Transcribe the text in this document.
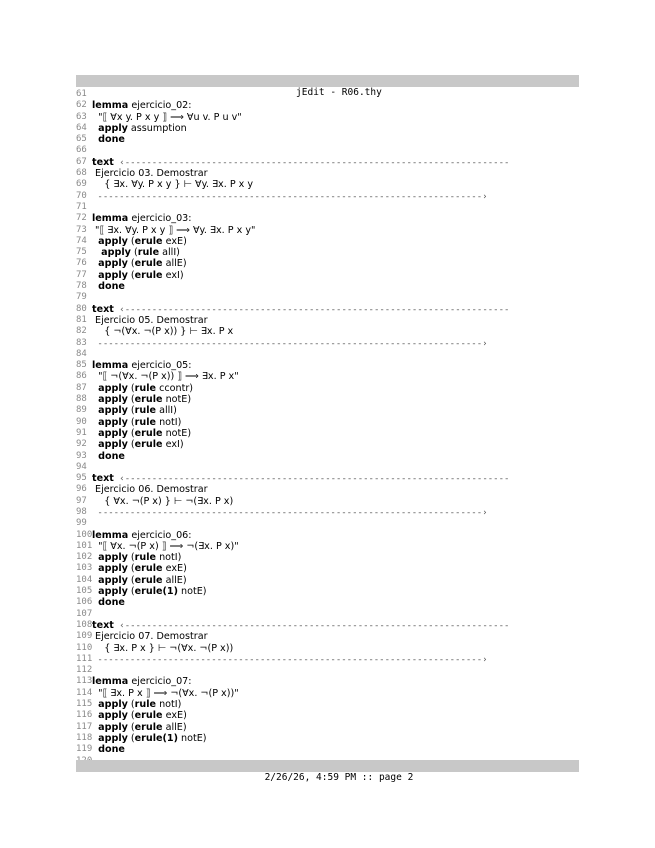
jEdit - R06.thy

61
62 lemma ejercicio_02:
63 "⟦ ∀x y. P x y ⟧ ⟹ ∀u v. P u v"
64	apply assumption
65	done
66
67 text ‹-----------------------------------------------------------------------
68 Ejercicio 03. Demostrar
69 { ∃x. ∀y. P x y } ⊢ ∀y. ∃x. P x y
70 -----------------------------------------------------------------------›
71
72 lemma ejercicio_03:
73 "⟦ ∃x. ∀y. P x y ⟧ ⟹ ∀y. ∃x. P x y"
74	apply (erule exE)
75	apply (rule allI)
76	apply (erule allE)
77	apply (erule exI)
78	done
79
80 text ‹-----------------------------------------------------------------------
81 Ejercicio 05. Demostrar
82 { ¬(∀x. ¬(P x)) } ⊢ ∃x. P x
83 -----------------------------------------------------------------------›
84
85 lemma ejercicio_05:
86 "⟦ ¬(∀x. ¬(P x)) ⟧ ⟹ ∃x. P x"
87	apply (rule ccontr)
88	apply (erule notE)
89	apply (rule allI)
90	apply (rule notI)
91	apply (erule notE)
92	apply (erule exI)
93	done
94
95 text ‹-----------------------------------------------------------------------
96 Ejercicio 06. Demostrar
97 { ∀x. ¬(P x) } ⊢ ¬(∃x. P x)
98 -----------------------------------------------------------------------›
99
100 lemma ejercicio_06:
101 "⟦ ∀x. ¬(P x) ⟧ ⟹ ¬(∃x. P x)"
102 apply (rule notI)
103 apply (erule exE)
104 apply (erule allE)
105 apply (erule(1) notE)
106 done
107
108 text ‹-----------------------------------------------------------------------
109 Ejercicio 07. Demostrar
110 { ∃x. P x } ⊢ ¬(∀x. ¬(P x))
111 -----------------------------------------------------------------------›
112
113 lemma ejercicio_07:
114 "⟦ ∃x. P x ⟧ ⟹ ¬(∀x. ¬(P x))"
115 apply (rule notI)
116 apply (erule exE)
117 apply (erule allE)
118 apply (erule(1) notE)
119 done

2/26/26, 4:59 PM :: page 2
